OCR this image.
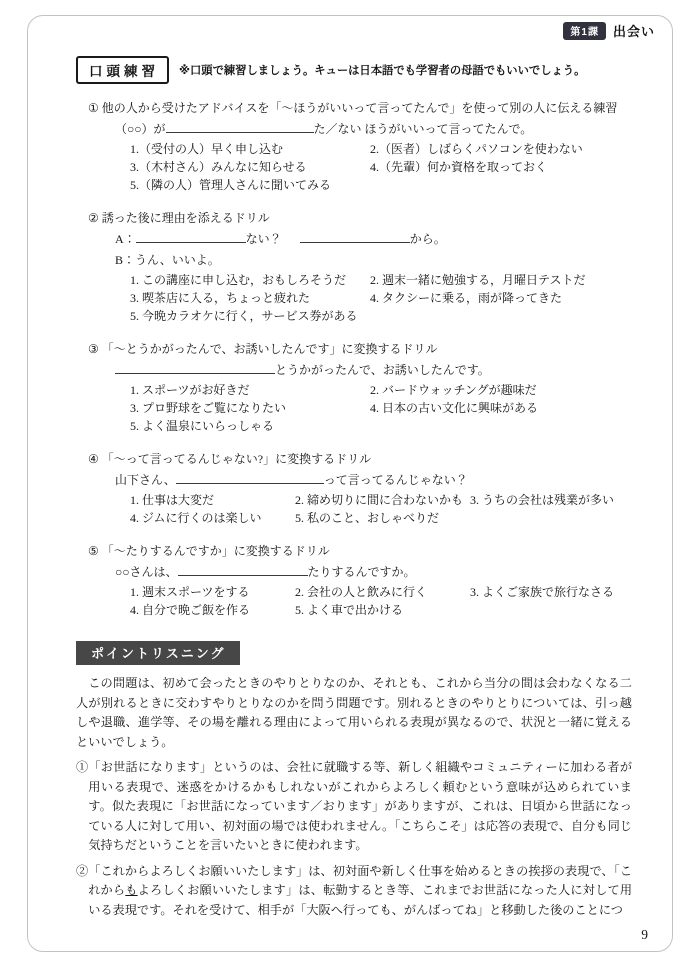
第1課	出会い
口頭練習	※口頭で練習しましょう。キューは日本語でも学習者の母語でもいいでしょう。
① 他の人から受けたアドバイスを「〜ほうがいいって言ってたんで」を使って別の人に伝える練習
（○○）が	た／ない ほうがいいって言ってたんで。
1.（受付の人）早く申し込む	2.（医者）しばらくパソコンを使わない
3.（木村さん）みんなに知らせる	4.（先輩）何か資格を取っておく
5.（隣の人）管理人さんに聞いてみる
② 誘った後に理由を添えるドリル
A：	ない？	から。
B：うん、いいよ。
1. この講座に申し込む，おもしろそうだ	2. 週末一緒に勉強する，月曜日テストだ
3. 喫茶店に入る，ちょっと疲れた	4. タクシーに乗る，雨が降ってきた
5. 今晩カラオケに行く，サービス券がある
③ 「〜とうかがったんで、お誘いしたんです」に変換するドリル
とうかがったんで、お誘いしたんです。
1. スポーツがお好きだ	2. バードウォッチングが趣味だ
3. プロ野球をご覧になりたい	4. 日本の古い文化に興味がある
5. よく温泉にいらっしゃる
④ 「〜って言ってるんじゃない?」に変換するドリル
山下さん、	って言ってるんじゃない？
1. 仕事は大変だ	2. 締め切りに間に合わないかも 3. うちの会社は残業が多い
4. ジムに行くのは楽しい	5. 私のこと、おしゃべりだ
⑤ 「〜たりするんですか」に変換するドリル
○○さんは、	たりするんですか。
1. 週末スポーツをする	2. 会社の人と飲みに行く	3. よくご家族で旅行なさる
4. 自分で晩ご飯を作る	5. よく車で出かける
ポイントリスニング
この問題は、初めて会ったときのやりとりなのか、それとも、これから当分の間は会わなくなる二人が別れるときに交わすやりとりなのかを問う問題です。別れるときのやりとりについては、引っ越しや退職、進学等、その場を離れる理由によって用いられる表現が異なるので、状況と一緒に覚えるといいでしょう。
①「お世話になります」というのは、会社に就職する等、新しく組織やコミュニティーに加わる者が用いる表現で、迷惑をかけるかもしれないがこれからよろしく頼むという意味が込められています。似た表現に「お世話になっています／おります」がありますが、これは、日頃から世話になっている人に対して用い、初対面の場では使われません。「こちらこそ」は応答の表現で、自分も同じ気持ちだということを言いたいときに使われます。
②「これからよろしくお願いいたします」は、初対面や新しく仕事を始めるときの挨拶の表現で、「これからもよろしくお願いいたします」は、転勤するとき等、これまでお世話になった人に対して用いる表現です。それを受けて、相手が「大阪へ行っても、がんばってね」と移動した後のことにつ
9
